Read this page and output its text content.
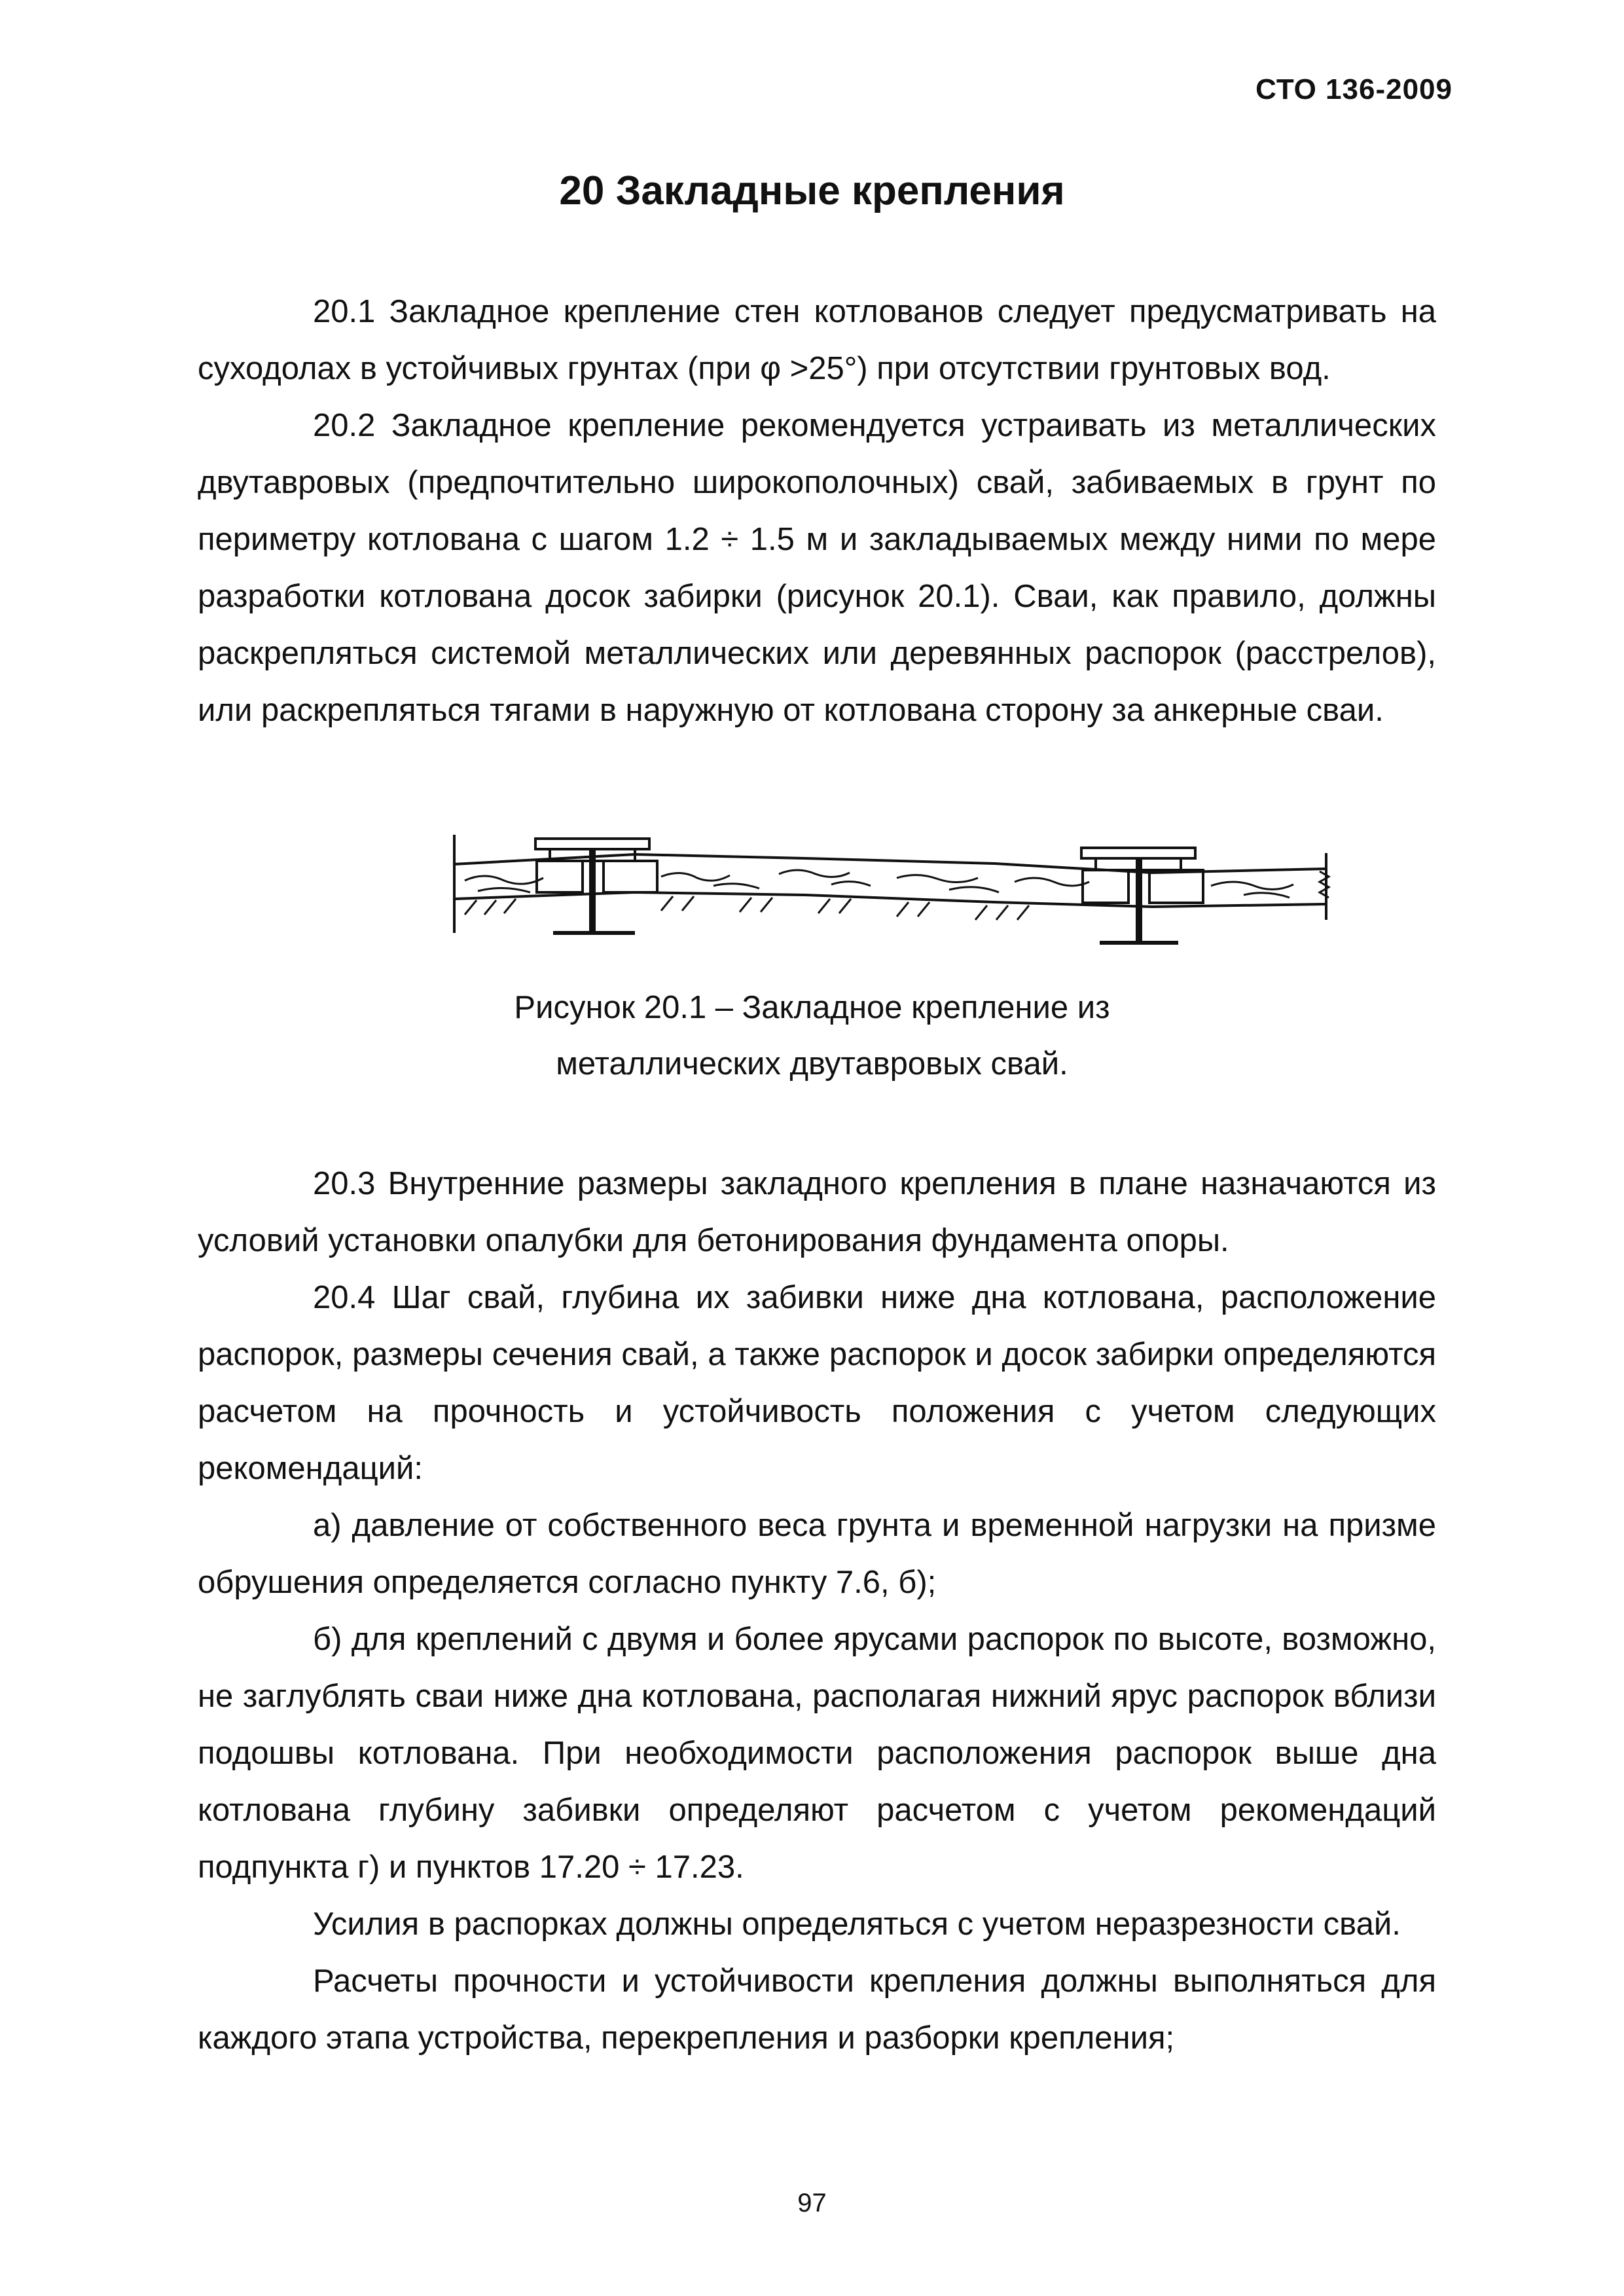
СТО 136-2009
20 Закладные крепления

20.1 Закладное крепление стен котлованов следует предусматривать на суходолах в устойчивых грунтах (при φ >25°) при отсутствии грунтовых вод.

20.2 Закладное крепление рекомендуется устраивать из металлических двутавровых (предпочтительно широкополочных) свай, забиваемых в грунт по периметру котлована с шагом 1.2 ÷ 1.5 м и закладываемых между ними по мере разработки котлована досок забирки (рисунок 20.1). Сваи, как правило, должны раскрепляться системой металлических или деревянных распорок (расстрелов), или раскрепляться тягами в наружную от котлована сторону за анкерные сваи.

Рисунок 20.1 – Закладное крепление из
металлических двутавровых свай.

20.3 Внутренние размеры закладного крепления в плане назначаются из условий установки опалубки для бетонирования фундамента опоры.

20.4 Шаг свай, глубина их забивки ниже дна котлована, расположение распорок, размеры сечения свай, а также распорок и досок забирки определяются расчетом на прочность и устойчивость положения с учетом следующих рекомендаций:

а) давление от собственного веса грунта и временной нагрузки на призме обрушения определяется согласно пункту 7.6, б);

б) для креплений с двумя и более ярусами распорок по высоте, возможно, не заглублять сваи ниже дна котлована, располагая нижний ярус распорок вблизи подошвы котлована. При необходимости расположения распорок выше дна котлована глубину забивки определяют расчетом с учетом рекомендаций подпункта г) и пунктов 17.20 ÷ 17.23.

Усилия в распорках должны определяться с учетом неразрезности свай.

Расчеты прочности и устойчивости крепления должны выполняться для каждого этапа устройства, перекрепления и разборки крепления;

97
